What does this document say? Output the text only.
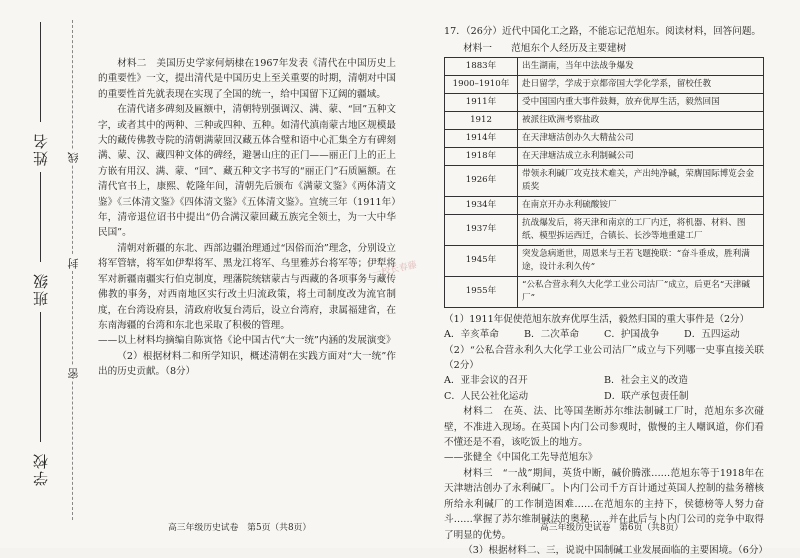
姓名
班级
学校
线
封
密

材料二　美国历史学家何炳棣在1967年发表《清代在中国历史上的重要性》一文，提出清代是中国历史上至关重要的时期，清朝对中国的重要性首先就表现在实现了全国的统一，给中国留下辽阔的疆域。

在清代诸多碑刻及匾额中，清朝特别强调汉、满、蒙、“回”五种文字，或者其中的两种、三种或四种、五种。如清代滇南蒙古地区规模最大的藏传佛教寺院的清朝满蒙回汉藏五体合璧和语中心汇集全方有碑刻满、蒙、汉、藏四种文体的碑经，避暑山庄的正门——丽正门上的正上方嵌有用汉、满、蒙、“回”、藏五种文字书写的“丽正门”石质匾额。在清代官书上，康熙、乾隆年间，清朝先后颁布《满蒙文鉴》《两体清文鉴》《三体清文鉴》《四体清文鉴》《五体清文鉴》。宣统三年（1911年）年，清帝退位诏书中提出“仍合满汉蒙回藏五族完全领土，为一大中华民国”。

清朝对新疆的东北、西部边疆治理通过“因俗而治”理念，分别设立将军管辖，将军如伊犁将军、黑龙江将军、乌里雅苏台将军等；伊犁将军对新疆南疆实行伯克制度，理藩院统辖蒙古与西藏的各项事务与藏传佛教的事务，对西南地区实行改土归流政策，将土司制度改为流官制度，在台湾设府县，清政府收复台湾后，设立台湾府，隶属福建省，在东南海疆的台湾和东北也采取了积极的管理。

——以上材料均摘编自陈寅恪《论中国古代“大一统”内涵的发展演变》

（2）根据材料二和所学知识，概述清朝在实践方面对“大一统”作出的历史贡献。（8分）

高三年级历史试卷　第5页（共8页）

17．（26分）近代中国化工之路，不能忘记范旭东。阅读材料，回答问题。

材料一　　范旭东个人经历及主要建树

1883年	出生湖南，当年中法战争爆发
1900–1910年	赴日留学，学成于京都帝国大学化学系，留校任教
1911年	受中国国内重大事件鼓舞，放弃优厚生活，毅然回国
1912	被派往欧洲考察盐政
1914年	在天津塘沽创办久大精盐公司
1918年	在天津塘沽成立永利制碱公司
1926年	带领永利碱厂攻克技术难关，产出纯净碱，荣膺国际博览会金质奖
1934年	在南京开办永利硫酸铵厂
1937年	抗战爆发后，将天津和南京的工厂内迁，将机器、材料、图纸、模型拆运西迁，合镇长、长沙等地重建工厂
1945年	突发急病逝世，周恩来与王若飞题挽联：“奋斗垂成，胜利满途，设计永利久传”
1955年	“公私合营永利久大化学工业公司沽厂”成立，后更名“天津碱厂”

（1）1911年促使范旭东放弃优厚生活，毅然归国的重大事件是（2分）

A．辛亥革命	B．二次革命	C．护国战争	D．五四运动

（2）“公私合营永利久大化学工业公司沽厂”成立与下列哪一史事直接关联（2分）

A．亚非会议的召开	B．社会主义的改造
C．人民公社化运动	D．联产承包责任制

材料二　在英、法、比等国垄断苏尔维法制碱工厂时，范旭东多次碰壁，不准进入现场。在英国卜内门公司参观时，傲慢的主人嘲讽道，你们看不懂还是不看，该吃饭上的地方。

——张健全《中国化工先导范旭东》

材料三　“一战”期间，英货中断，碱价腾涨……范旭东等于1918年在天津塘沽创办了永利碱厂。卜内门公司千方百计通过英国人控制的盐务稽核所给永利碱厂的工作制造困难……在范旭东的主持下，侯德榜等人努力奋斗……掌握了苏尔维制碱法的奥秘……并在此后与卜内门公司的竞争中取得了明显的优势。

（3）根据材料二、三，说说中国制碱工业发展面临的主要困境。（6分）

一校长春藤
高三年级历史试卷　第6页（共8页）
